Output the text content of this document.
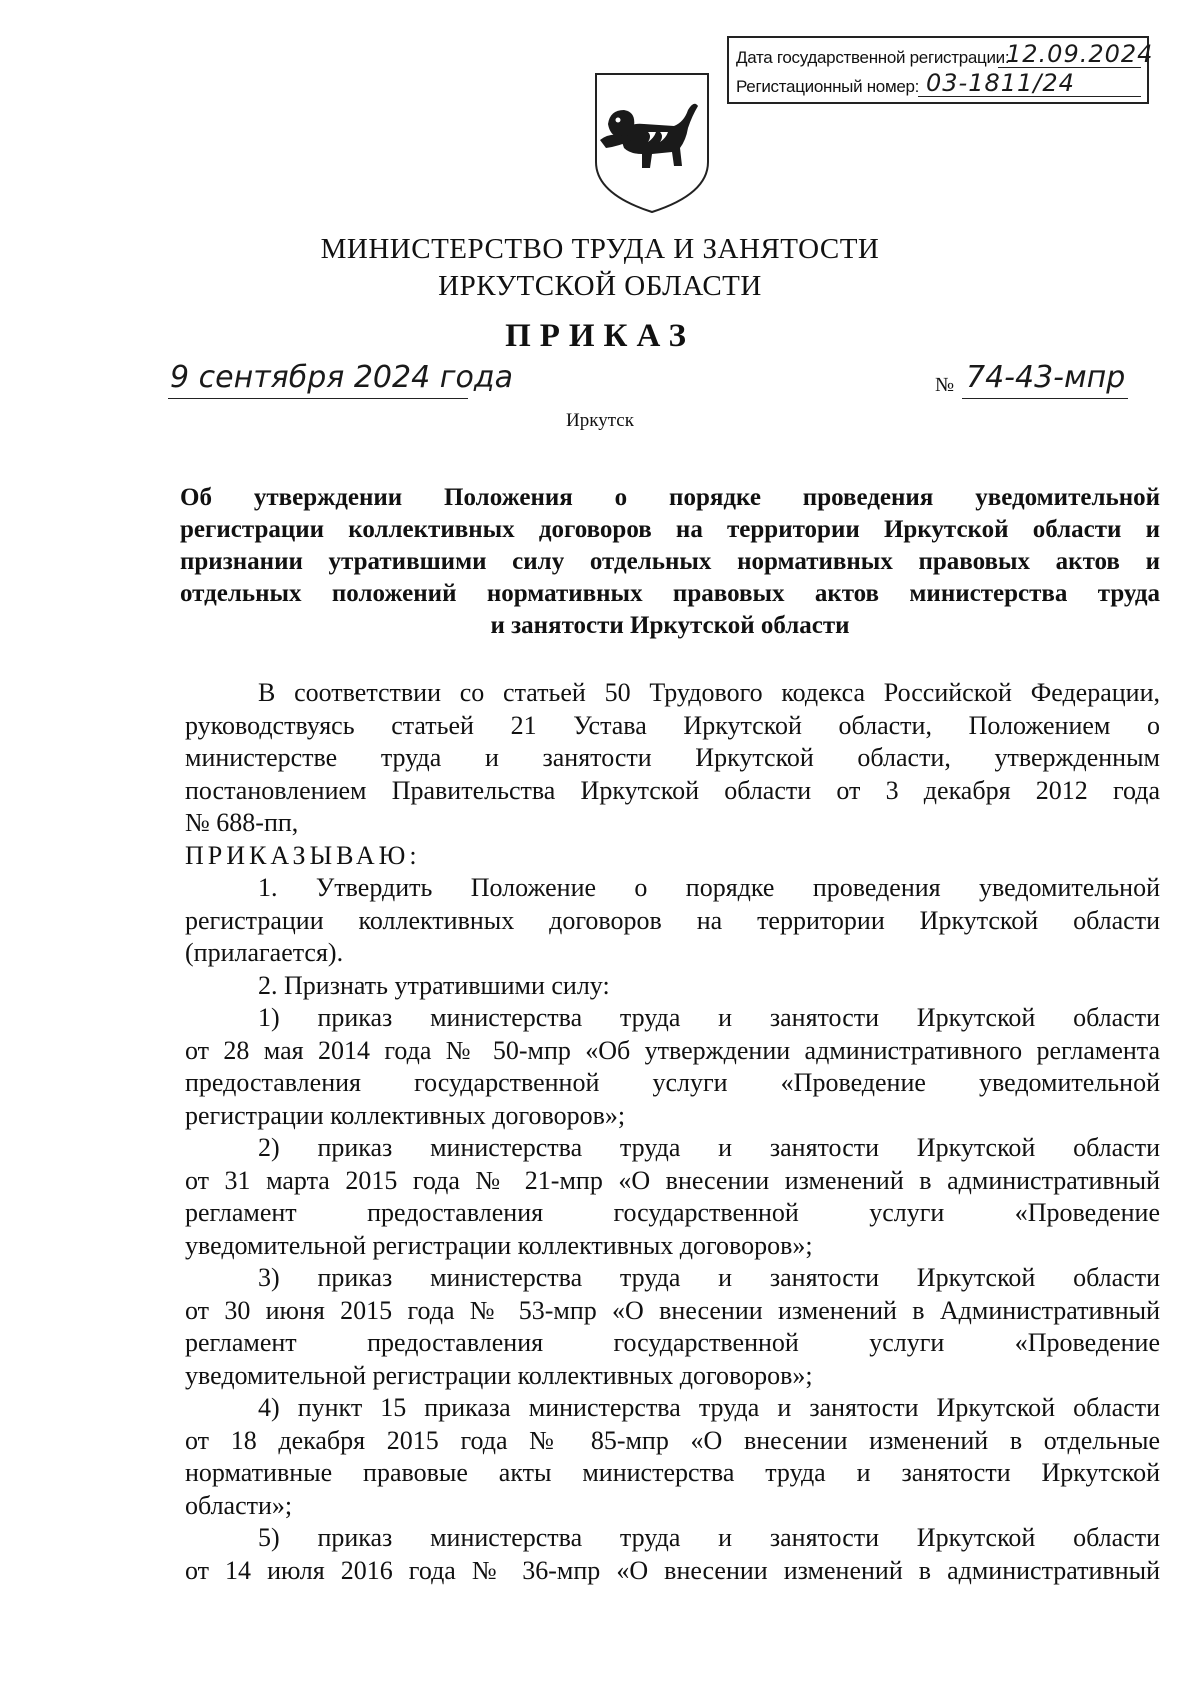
Дата государственной регистрации:
12.09.2024
Регистационный номер: 03-1811/24
МИНИСТЕРСТВО ТРУДА И ЗАНЯТОСТИ
ИРКУТСКОЙ ОБЛАСТИ
ПРИКАЗ
9 сентября 2024 года	№ 74-43-мпр
Иркутск
Об утверждении Положения о порядке проведения уведомительной
регистрации коллективных договоров на территории Иркутской области и
признании утратившими силу отдельных нормативных правовых актов и
отдельных положений нормативных правовых актов министерства труда
и занятости Иркутской области
В соответствии со статьей 50 Трудового кодекса Российской Федерации,
руководствуясь статьей 21 Устава Иркутской области, Положением о
министерстве труда и занятости Иркутской области, утвержденным
постановлением Правительства Иркутской области от 3 декабря 2012 года
№ 688-пп,
ПРИКАЗЫВАЮ:
1. Утвердить Положение о порядке проведения уведомительной
регистрации коллективных договоров на территории Иркутской области
(прилагается).
2. Признать утратившими силу:
1) приказ министерства труда и занятости Иркутской области
от 28 мая 2014 года № 50-мпр «Об утверждении административного регламента
предоставления государственной услуги «Проведение уведомительной
регистрации коллективных договоров»;
2) приказ министерства труда и занятости Иркутской области
от 31 марта 2015 года № 21-мпр «О внесении изменений в административный
регламент предоставления государственной услуги «Проведение
уведомительной регистрации коллективных договоров»;
3) приказ министерства труда и занятости Иркутской области
от 30 июня 2015 года № 53-мпр «О внесении изменений в Административный
регламент предоставления государственной услуги «Проведение
уведомительной регистрации коллективных договоров»;
4) пункт 15 приказа министерства труда и занятости Иркутской области
от 18 декабря 2015 года № 85-мпр «О внесении изменений в отдельные
нормативные правовые акты министерства труда и занятости Иркутской
области»;
5) приказ министерства труда и занятости Иркутской области
от 14 июля 2016 года № 36-мпр «О внесении изменений в административный
